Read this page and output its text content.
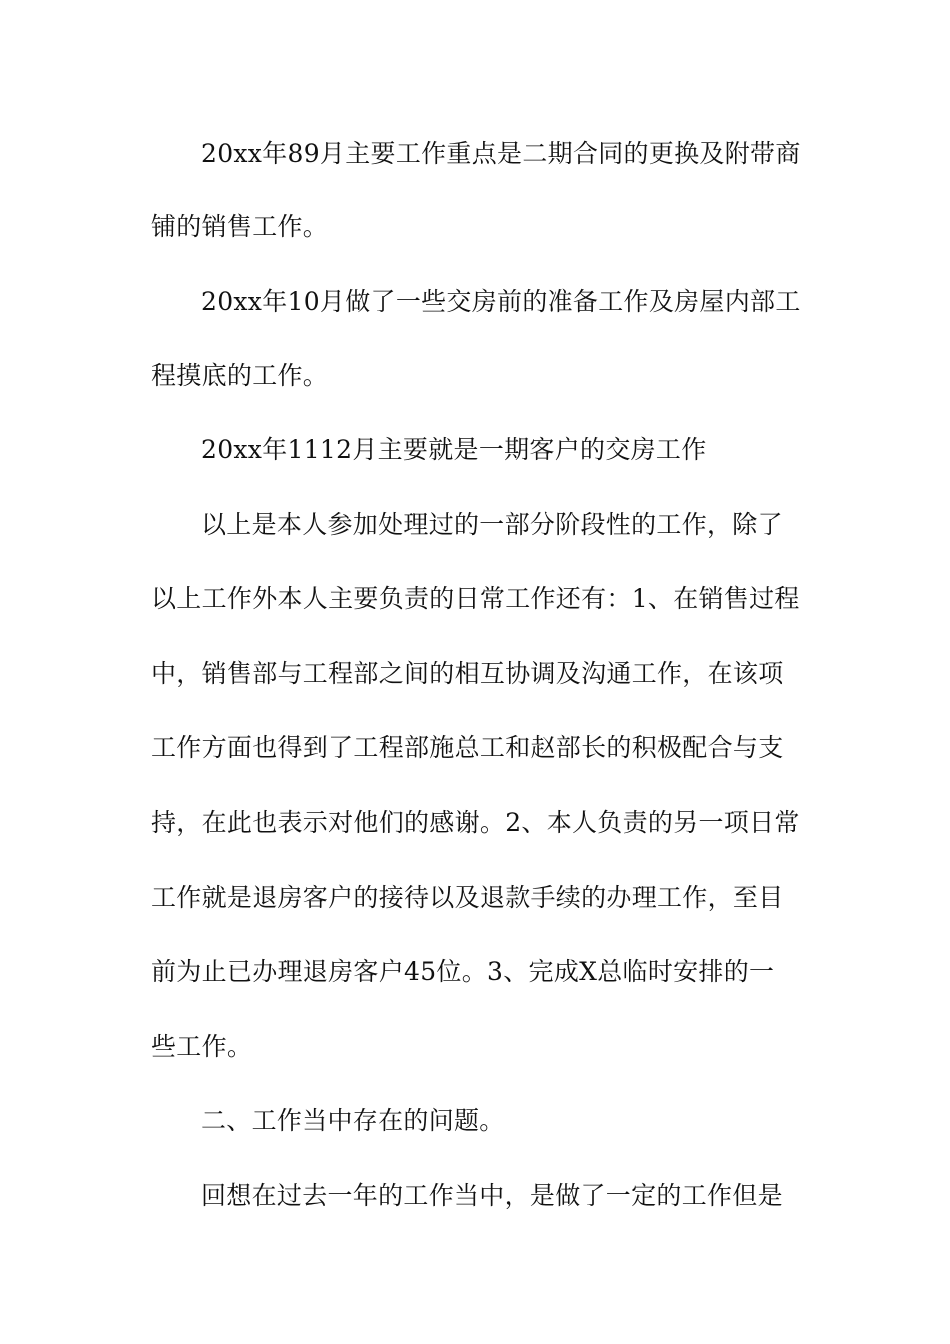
20xx年89月主要工作重点是二期合同的更换及附带商
铺的销售工作。
20xx年10月做了一些交房前的准备工作及房屋内部工
程摸底的工作。
20xx年1112月主要就是一期客户的交房工作
以上是本人参加处理过的一部分阶段性的工作，除了
以上工作外本人主要负责的日常工作还有：1、在销售过程
中，销售部与工程部之间的相互协调及沟通工作，在该项
工作方面也得到了工程部施总工和赵部长的积极配合与支
持，在此也表示对他们的感谢。2、本人负责的另一项日常
工作就是退房客户的接待以及退款手续的办理工作，至目
前为止已办理退房客户45位。3、完成X总临时安排的一
些工作。
二、工作当中存在的问题。
回想在过去一年的工作当中，是做了一定的工作但是
